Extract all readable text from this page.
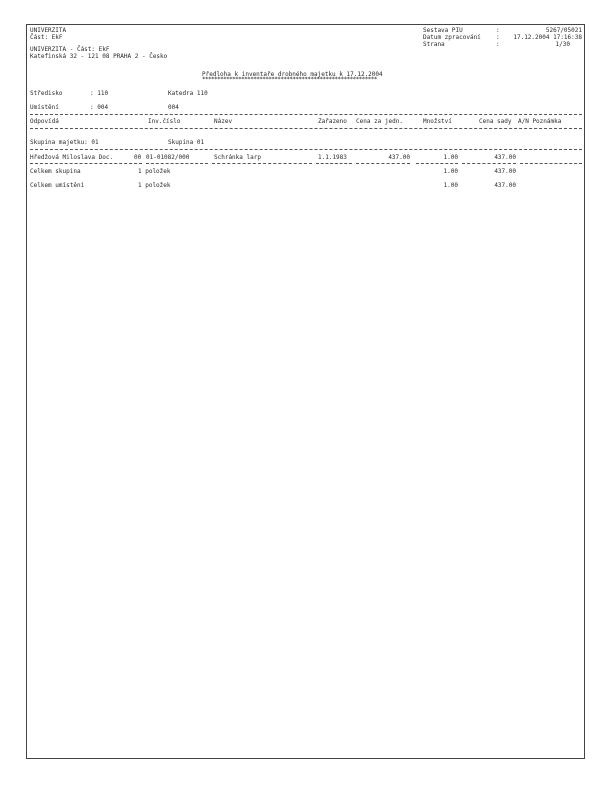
UNIVERZITA
Část: EkF
UNIVERZITA - Část: EkF
Katefinská 32 - 121 08 PRAHA 2 - Česko
Sestava PIU
Datum zpracování
Strana
:
:
:
5267/05021
17.12.2004 17:16:38
1/30
Předloha k inventaře drobného majetku k 17.12.2004
**********************************************************
Středisko	: 110	Katedra 110
Umístění	: 004	004
Odpovídá	Inv.číslo	Název	Zařazeno Cena za jedn.	Množství	Cena sady A/N Poznámka
Skupina majetku: 01	Skupina 01
Hředžová Miloslava Doc.	00 01-01082/000	Schránka larp	1.1.1983	437.00	1.00	437.00
Celkem skupina	1 položek	1.00	437.00
Celkem umístění	1 položek	1.00	437.00
